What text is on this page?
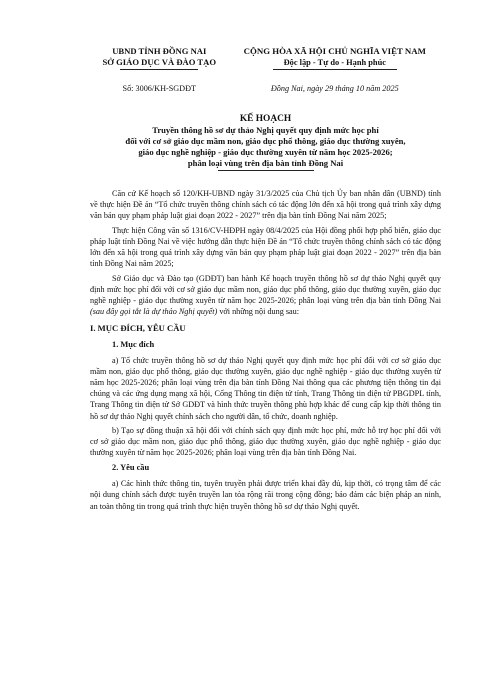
UBND TỈNH ĐỒNG NAI
SỞ GIÁO DỤC VÀ ĐÀO TẠO
CỘNG HÒA XÃ HỘI CHỦ NGHĨA VIỆT NAM
Độc lập - Tự do - Hạnh phúc
Số: 3006/KH-SGDĐT	Đồng Nai, ngày 29 tháng 10 năm 2025
KẾ HOẠCH
Truyền thông hồ sơ dự thảo Nghị quyết quy định mức học phí
đối với cơ sở giáo dục mầm non, giáo dục phổ thông, giáo dục thường xuyên,
giáo dục nghề nghiệp - giáo dục thường xuyên từ năm học 2025-2026;
phân loại vùng trên địa bàn tỉnh Đồng Nai

Căn cứ Kế hoạch số 120/KH-UBND ngày 31/3/2025 của Chủ tịch Ủy ban nhân dân (UBND) tỉnh về thực hiện Đề án “Tổ chức truyền thông chính sách có tác động lớn đến xã hội trong quá trình xây dựng văn bản quy phạm pháp luật giai đoạn 2022 - 2027” trên địa bàn tỉnh Đồng Nai năm 2025;

Thực hiện Công văn số 1316/CV-HĐPH ngày 08/4/2025 của Hội đồng phối hợp phổ biến, giáo dục pháp luật tỉnh Đồng Nai về việc hướng dẫn thực hiện Đề án “Tổ chức truyền thông chính sách có tác động lớn đến xã hội trong quá trình xây dựng văn bản quy phạm pháp luật giai đoạn 2022 - 2027” trên địa bàn tỉnh Đồng Nai năm 2025;

Sở Giáo dục và Đào tạo (GDĐT) ban hành Kế hoạch truyền thông hồ sơ dự thảo Nghị quyết quy định mức học phí đối với cơ sở giáo dục mầm non, giáo dục phổ thông, giáo dục thường xuyên, giáo dục nghề nghiệp - giáo dục thường xuyên từ năm học 2025-2026; phân loại vùng trên địa bàn tỉnh Đồng Nai (sau đây gọi tắt là dự thảo Nghị quyết) với những nội dung sau:

I. MỤC ĐÍCH, YÊU CẦU
1. Mục đích

a) Tổ chức truyền thông hồ sơ dự thảo Nghị quyết quy định mức học phí đối với cơ sở giáo dục mầm non, giáo dục phổ thông, giáo dục thường xuyên, giáo dục nghề nghiệp - giáo dục thường xuyên từ năm học 2025-2026; phân loại vùng trên địa bàn tỉnh Đồng Nai thông qua các phương tiện thông tin đại chúng và các ứng dụng mạng xã hội, Cổng Thông tin điện tử tỉnh, Trang Thông tin điện tử PBGDPL tỉnh, Trang Thông tin điện tử Sở GDĐT và hình thức truyền thông phù hợp khác để cung cấp kịp thời thông tin hồ sơ dự thảo Nghị quyết chính sách cho người dân, tổ chức, doanh nghiệp.

b) Tạo sự đồng thuận xã hội đối với chính sách quy định mức học phí, mức hỗ trợ học phí đối với cơ sở giáo dục mầm non, giáo dục phổ thông, giáo dục thường xuyên, giáo dục nghề nghiệp - giáo dục thường xuyên từ năm học 2025-2026; phân loại vùng trên địa bàn tỉnh Đồng Nai.

2. Yêu cầu

a) Các hình thức thông tin, tuyên truyền phải được triển khai đầy đủ, kịp thời, có trọng tâm để các nội dung chính sách được tuyên truyền lan tỏa rộng rãi trong cộng đồng; bảo đảm các biện pháp an ninh, an toàn thông tin trong quá trình thực hiện truyền thông hồ sơ dự thảo Nghị quyết.
